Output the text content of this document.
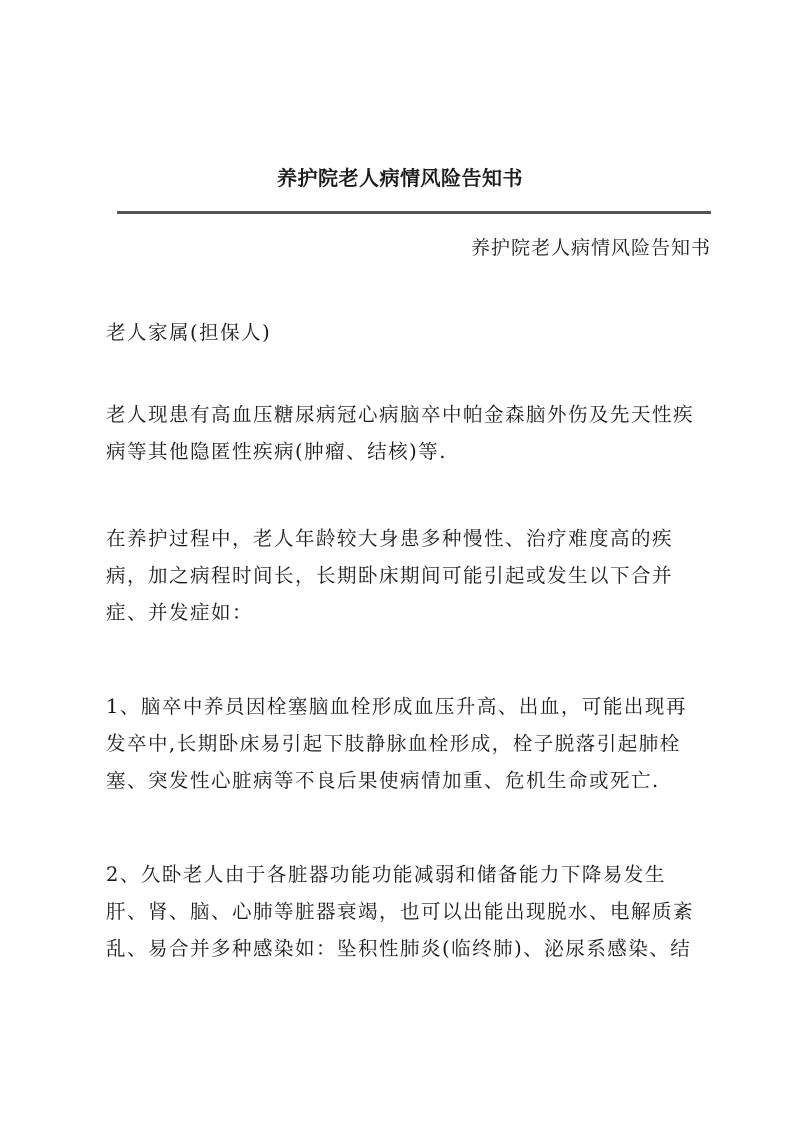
养护院老人病情风险告知书
养护院老人病情风险告知书
老人家属(担保人)
老人现患有高血压糖尿病冠心病脑卒中帕金森脑外伤及先天性疾
病等其他隐匿性疾病(肿瘤、结核)等.
在养护过程中，老人年龄较大身患多种慢性、治疗难度高的疾
病，加之病程时间长，长期卧床期间可能引起或发生以下合并
症、并发症如：
1、脑卒中养员因栓塞脑血栓形成血压升高、出血，可能出现再
发卒中,长期卧床易引起下肢静脉血栓形成，栓子脱落引起肺栓
塞、突发性心脏病等不良后果使病情加重、危机生命或死亡.
2、久卧老人由于各脏器功能功能减弱和储备能力下降易发生
肝、肾、脑、心肺等脏器衰竭，也可以出能出现脱水、电解质紊
乱、易合并多种感染如：坠积性肺炎(临终肺)、泌尿系感染、结
